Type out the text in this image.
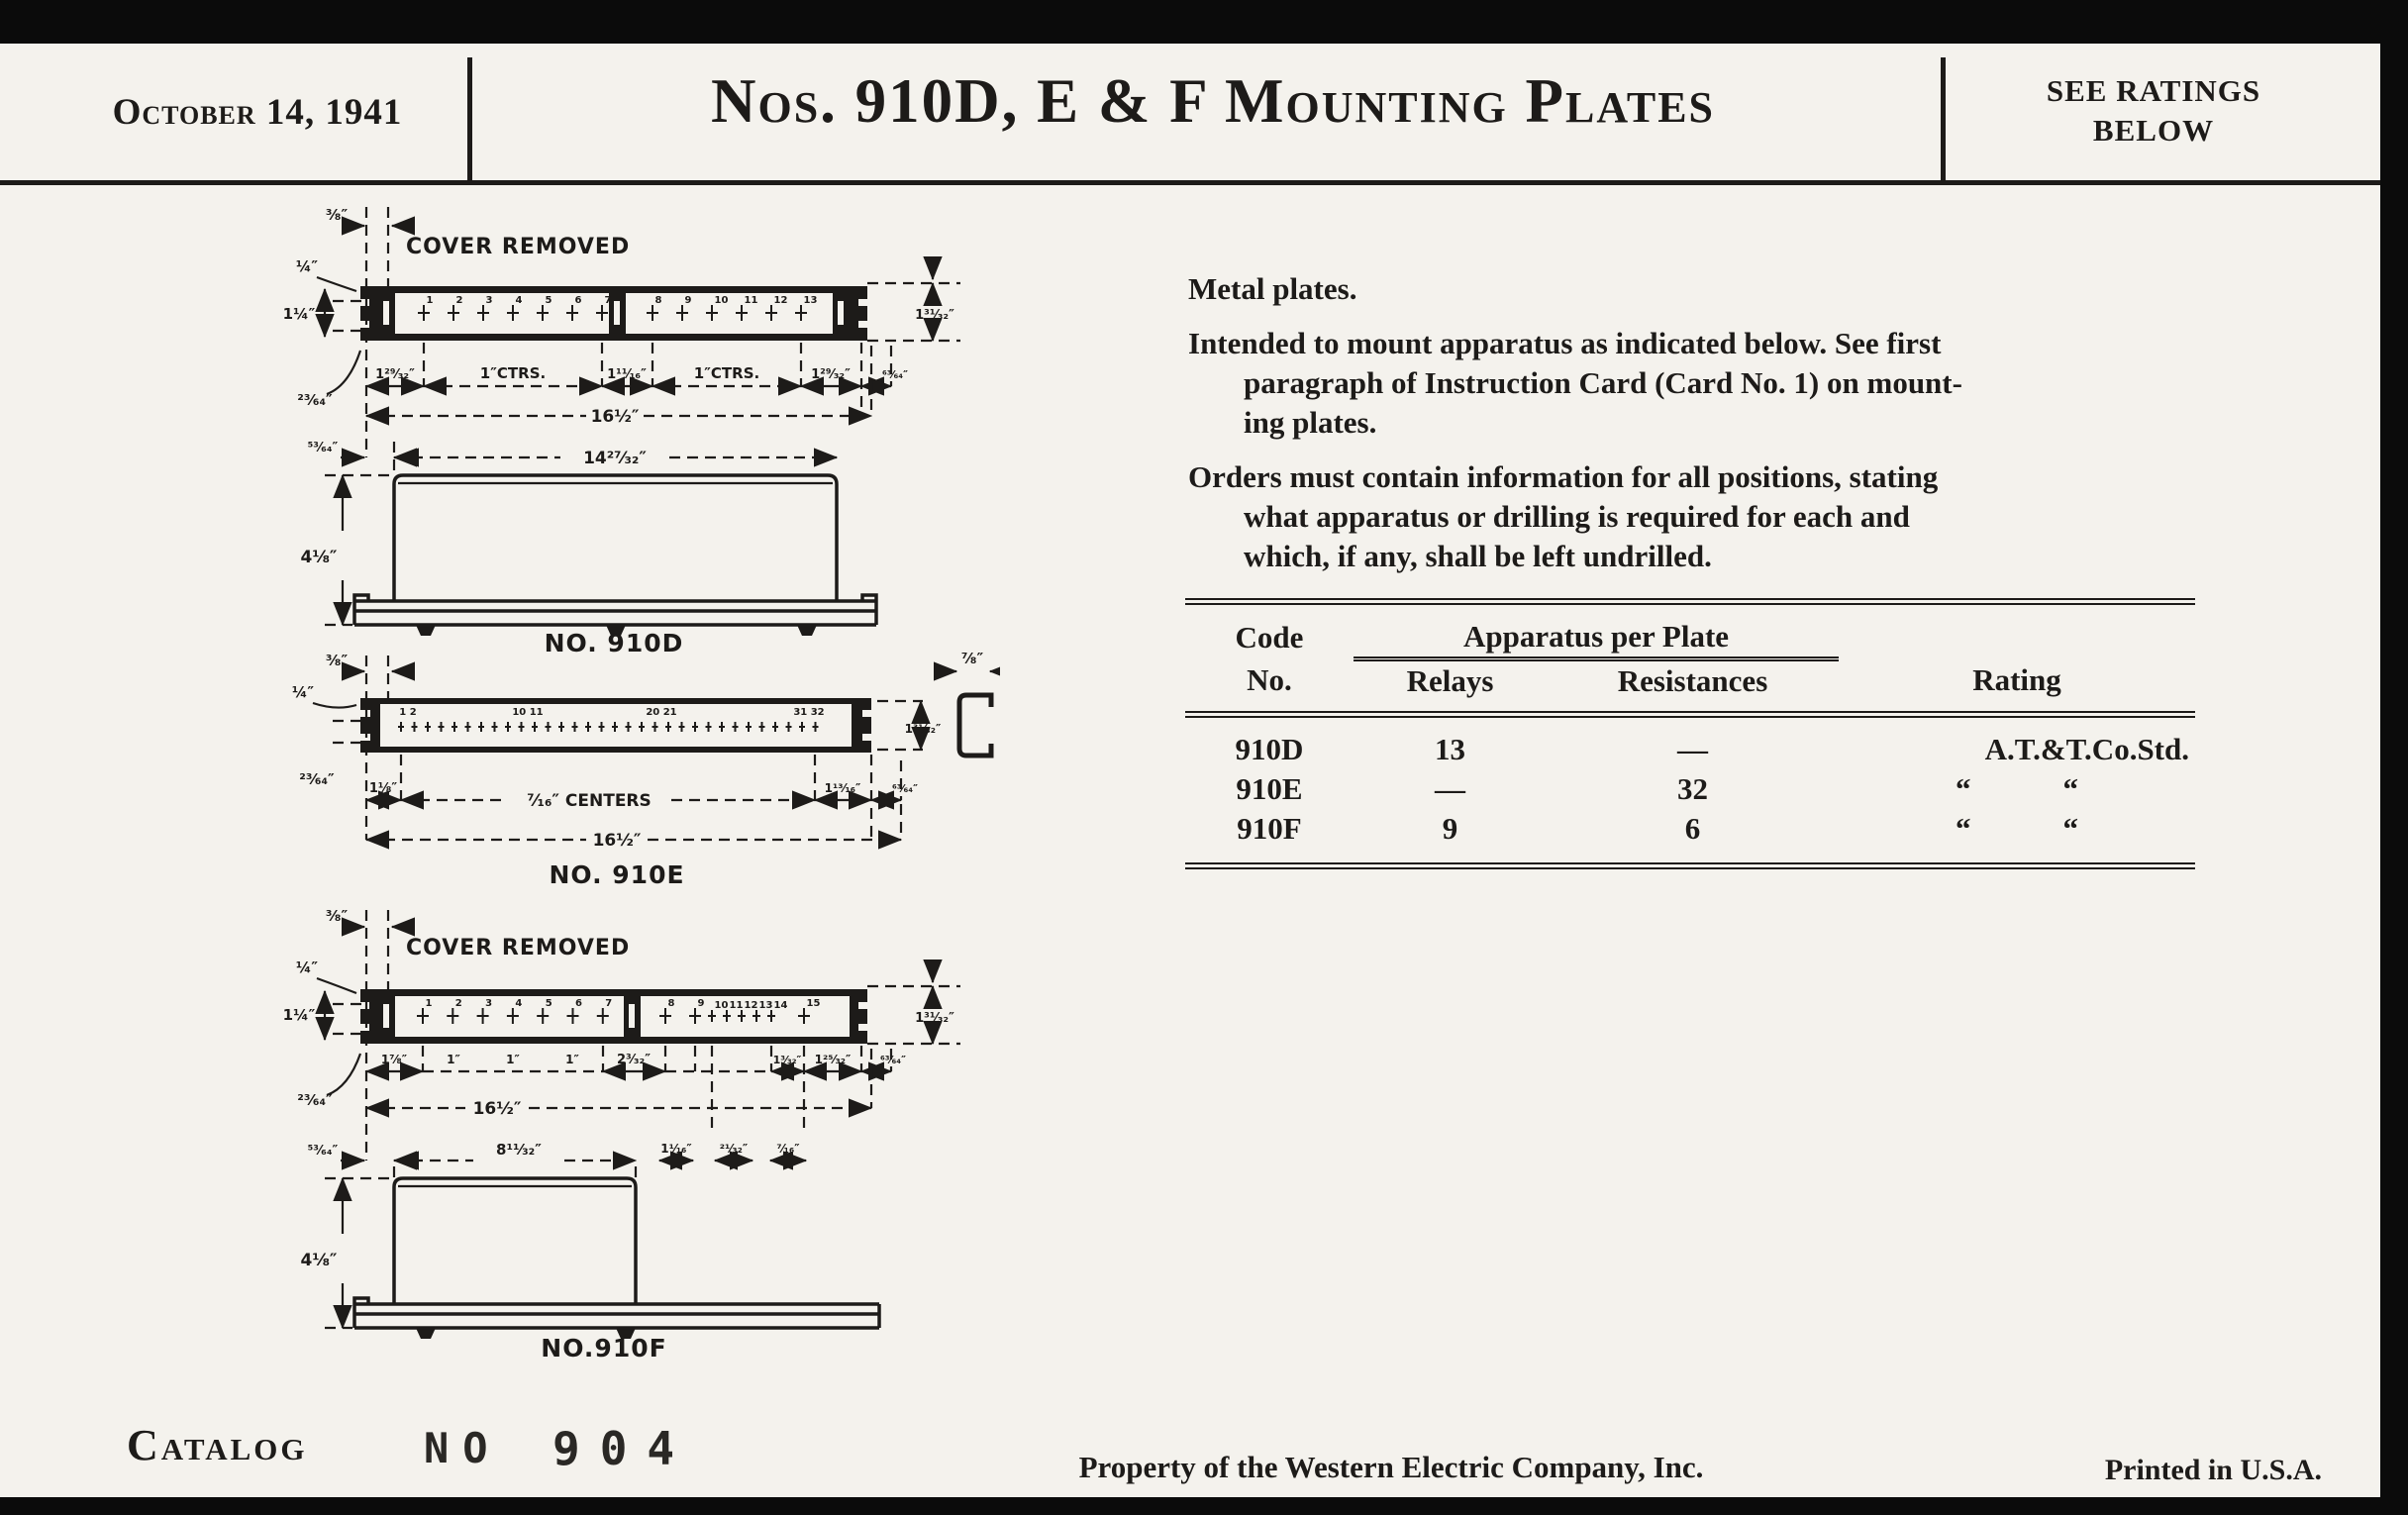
October 14, 1941	Nos. 910D, E & F Mounting Plates	SEE RATINGS
BELOW
³⁄₈″
COVER REMOVED
¼″
1¼″
²³⁄₆₄″
1 2 3 4 5 6 7	8 9 10 11 12 13
1²⁹⁄₃₂″	1″CTRS.	1¹¹⁄₁₆″	1″CTRS.	1²⁹⁄₃₂″	⁶³⁄₆₄″
1³¹⁄₃₂″
16½″
⁵³⁄₆₄″
14²⁷⁄₃₂″
4⅛″
NO. 910D
³⁄₈″
¼″
²³⁄₆₄″
1 2	10 11	20 21	31 32
1⅛″
⁷⁄₁₆″ CENTERS
1¹³⁄₁₆″	⁶³⁄₆₄″
16½″
1³¹⁄₃₂″
⁷⁄₈″
NO. 910E
³⁄₈″
COVER REMOVED
¼″
1¼″
²³⁄₆₄″
1 2 3 4 5 6 7	8 9 10 11 12 13 14 15
1³¹⁄₃₂″
1⅞″	1″	1″	1″	2³⁄₃₂″	1³⁄₃₂″ 1²⁵⁄₃₂″	⁶³⁄₆₄″
16½″
⁵³⁄₆₄″	8¹¹⁄₃₂″	1¹⁄₁₆″ ²¹⁄₃₂″ ⁷⁄₁₆″
4⅛″
NO.910F

Metal plates.

Intended to mount apparatus as indicated below. See first
paragraph of Instruction Card (Card No. 1) on mount-
ing plates.

Orders must contain information for all positions, stating
what apparatus or drilling is required for each and
which, if any, shall be left undrilled.

Code	Apparatus per Plate		
No.	Relays	Resistances	Rating
910D	13	—	A.T.&T.Co.Std.
910E	—	32	“   “
910F	9	6	“   “
Catalog	NO 904	Property of the Western Electric Company, Inc.	Printed in U.S.A.
